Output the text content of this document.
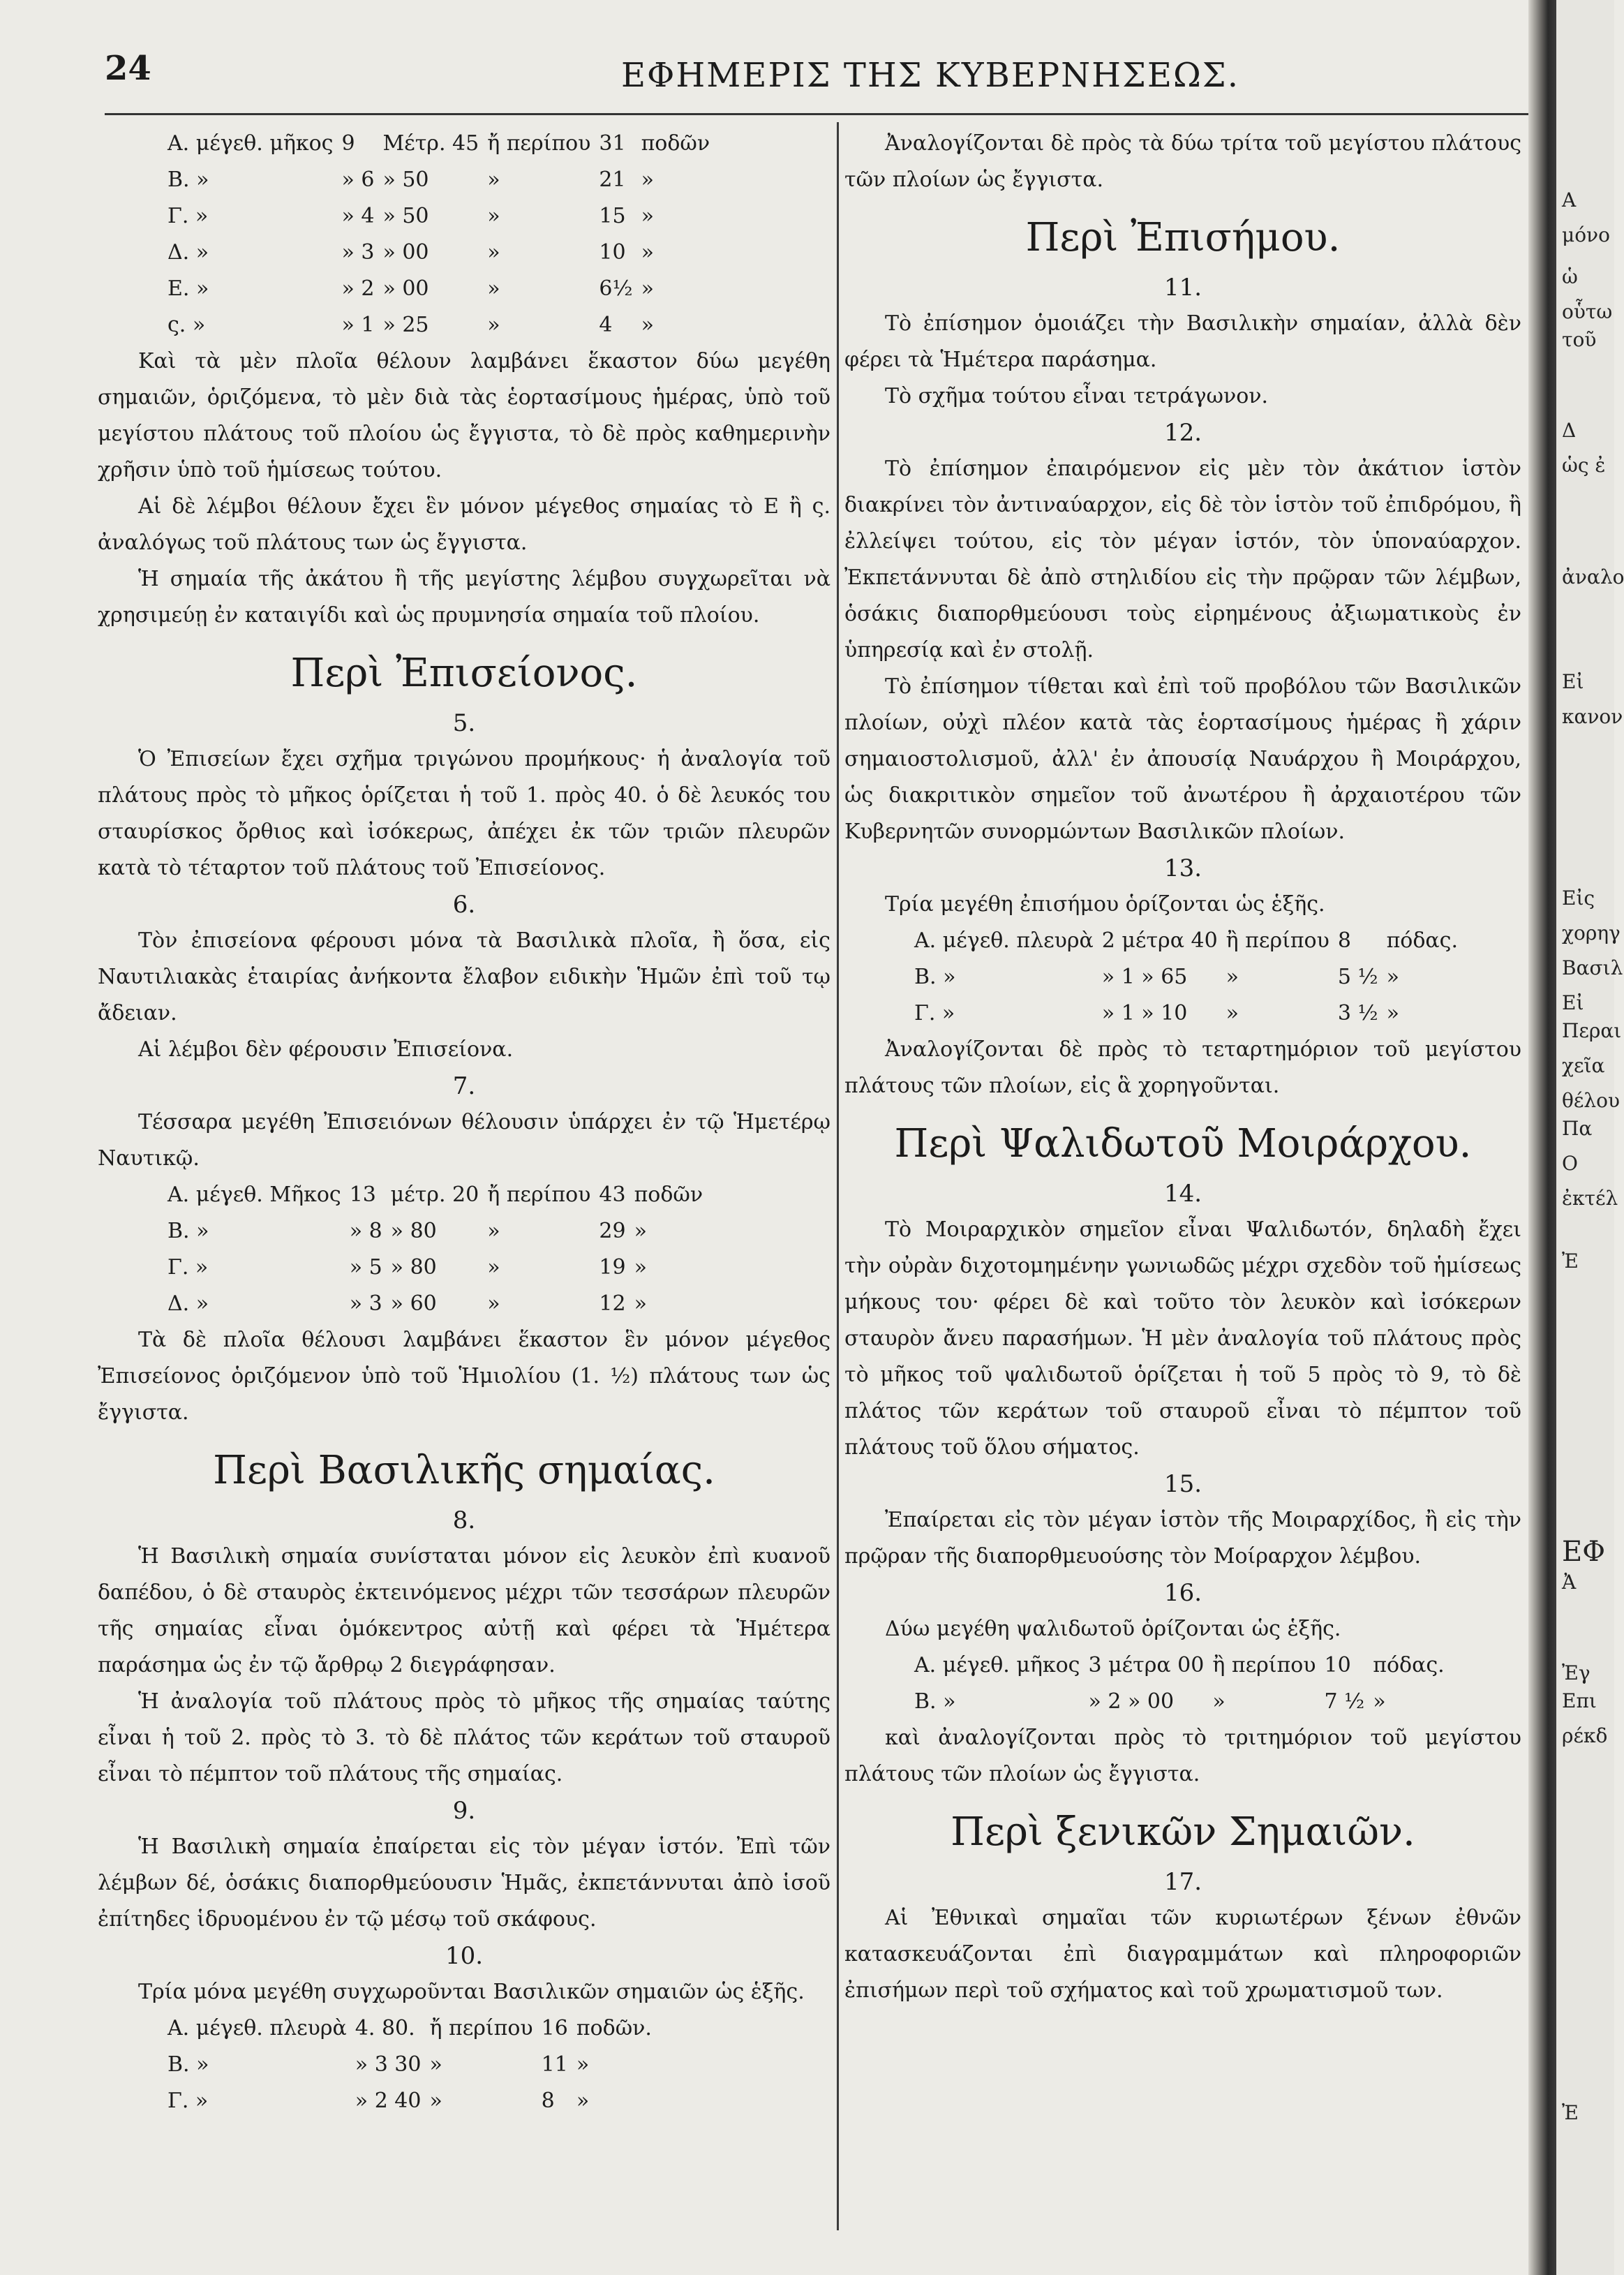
24	ΕΦΗΜΕΡΙΣ ΤΗΣ ΚΥΒΕΡΝΗΣΕΩΣ.
Α. μέγεθ. μῆκος	9	Μέτρ. 45	ἤ περίπου	31	ποδῶν
Β. »	» 6	» 50	»	21	»
Γ. »	» 4	» 50	»	15	»
Δ. »	» 3	» 00	»	10	»
Ε. »	» 2	» 00	»	6½	»
ς. »	» 1	» 25	»	4	»

Καὶ τὰ μὲν πλοῖα θέλουν λαμβάνει ἕκαστον δύω μεγέθη σημαιῶν, ὁριζόμενα, τὸ μὲν διὰ τὰς ἑορτασίμους ἡμέρας, ὑπὸ τοῦ μεγίστου πλάτους τοῦ πλοίου ὡς ἔγγιστα, τὸ δὲ πρὸς καθημερινὴν χρῆσιν ὑπὸ τοῦ ἡμίσεως τούτου.

Αἱ δὲ λέμβοι θέλουν ἔχει ἓν μόνον μέγεθος σημαίας τὸ Ε ἢ ς. ἀναλόγως τοῦ πλάτους των ὡς ἔγγιστα.

Ἡ σημαία τῆς ἀκάτου ἢ τῆς μεγίστης λέμβου συγχωρεῖται νὰ χρησιμεύῃ ἐν καταιγίδι καὶ ὡς πρυμνησία σημαία τοῦ πλοίου.

Περὶ Ἐπισείονος.
5.

Ὁ Ἐπισείων ἔχει σχῆμα τριγώνου προμήκους· ἡ ἀναλογία τοῦ πλάτους πρὸς τὸ μῆκος ὁρίζεται ἡ τοῦ 1. πρὸς 40. ὁ δὲ λευκός του σταυρίσκος ὄρθιος καὶ ἰσόκερως, ἀπέχει ἐκ τῶν τριῶν πλευρῶν κατὰ τὸ τέταρτον τοῦ πλάτους τοῦ Ἐπισείονος.

6.

Τὸν ἐπισείονα φέρουσι μόνα τὰ Βασιλικὰ πλοῖα, ἢ ὅσα, εἰς Ναυτιλιακὰς ἑταιρίας ἀνήκοντα ἔλαβον ειδικὴν Ἡμῶν ἐπὶ τοῦ τῳ ἄδειαν.

Αἱ λέμβοι δὲν φέρουσιν Ἐπισείονα.

7.

Τέσσαρα μεγέθη Ἐπισειόνων θέλουσιν ὑπάρχει ἐν τῷ Ἡμετέρῳ Ναυτικῷ.

Α. μέγεθ. Μῆκος	13	μέτρ. 20	ἤ περίπου	43	ποδῶν
Β. »	» 8	» 80	»	29	»
Γ. »	» 5	» 80	»	19	»
Δ. »	» 3	» 60	»	12	»

Τὰ δὲ πλοῖα θέλουσι λαμβάνει ἕκαστον ἓν μόνον μέγεθος Ἐπισείονος ὁριζόμενον ὑπὸ τοῦ Ἡμιολίου (1. ½) πλάτους των ὡς ἔγγιστα.

Περὶ Βασιλικῆς σημαίας.
8.

Ἡ Βασιλικὴ σημαία συνίσταται μόνον εἰς λευκὸν ἐπὶ κυανοῦ δαπέδου, ὁ δὲ σταυρὸς ἐκτεινόμενος μέχρι τῶν τεσσάρων πλευρῶν τῆς σημαίας εἶναι ὁμόκεντρος αὐτῇ καὶ φέρει τὰ Ἡμέτερα παράσημα ὡς ἐν τῷ ἄρθρῳ 2 διεγράφησαν.

Ἡ ἀναλογία τοῦ πλάτους πρὸς τὸ μῆκος τῆς σημαίας ταύτης εἶναι ἡ τοῦ 2. πρὸς τὸ 3. τὸ δὲ πλάτος τῶν κεράτων τοῦ σταυροῦ εἶναι τὸ πέμπτον τοῦ πλάτους τῆς σημαίας.

9.

Ἡ Βασιλικὴ σημαία ἐπαίρεται εἰς τὸν μέγαν ἱστόν. Ἐπὶ τῶν λέμβων δέ, ὁσάκις διαπορθμεύουσιν Ἡμᾶς, ἐκπετάννυται ἀπὸ ἱσοῦ ἐπίτηδες ἱδρυομένου ἐν τῷ μέσῳ τοῦ σκάφους.

10.

Τρία μόνα μεγέθη συγχωροῦνται Βασιλικῶν σημαιῶν ὡς ἑξῆς.

Α. μέγεθ. πλευρὰ	4. 80.	ἤ περίπου	16	ποδῶν.
Β. »	» 3 30	»	11	»
Γ. »	» 2 40	»	8	»

Ἀναλογίζονται δὲ πρὸς τὰ δύω τρίτα τοῦ μεγίστου πλάτους τῶν πλοίων ὡς ἔγγιστα.

Περὶ Ἐπισήμου.
11.

Τὸ ἐπίσημον ὁμοιάζει τὴν Βασιλικὴν σημαίαν, ἀλλὰ δὲν φέρει τὰ Ἡμέτερα παράσημα.

Τὸ σχῆμα τούτου εἶναι τετράγωνον.

12.

Τὸ ἐπίσημον ἐπαιρόμενον εἰς μὲν τὸν ἀκάτιον ἱστὸν διακρίνει τὸν ἀντιναύαρχον, εἰς δὲ τὸν ἱστὸν τοῦ ἐπιδρόμου, ἢ ἐλλείψει τούτου, εἰς τὸν μέγαν ἱστόν, τὸν ὑποναύαρχον. Ἐκπετάννυται δὲ ἀπὸ στηλιδίου εἰς τὴν πρῷραν τῶν λέμβων, ὁσάκις διαπορθμεύουσι τοὺς εἰρημένους ἀξιωματικοὺς ἐν ὑπηρεσίᾳ καὶ ἐν στολῇ.

Τὸ ἐπίσημον τίθεται καὶ ἐπὶ τοῦ προβόλου τῶν Βασιλικῶν πλοίων, οὐχὶ πλέον κατὰ τὰς ἑορτασίμους ἡμέρας ἢ χάριν σημαιοστολισμοῦ, ἀλλ' ἐν ἀπουσίᾳ Ναυάρχου ἢ Μοιράρχου, ὡς διακριτικὸν σημεῖον τοῦ ἀνωτέρου ἢ ἀρχαιοτέρου τῶν Κυβερνητῶν συνορμώντων Βασιλικῶν πλοίων.

13.

Τρία μεγέθη ἐπισήμου ὁρίζονται ὡς ἑξῆς.

Α. μέγεθ. πλευρὰ	2 μέτρα 40	ἢ περίπου	8	πόδας.
Β. »	» 1 » 65	»	5 ½	»
Γ. »	» 1 » 10	»	3 ½	»

Ἀναλογίζονται δὲ πρὸς τὸ τεταρτημόριον τοῦ μεγίστου πλάτους τῶν πλοίων, εἰς ἃ χορηγοῦνται.

Περὶ Ψαλιδωτοῦ Μοιράρχου.
14.

Τὸ Μοιραρχικὸν σημεῖον εἶναι Ψαλιδωτόν, δηλαδὴ ἔχει τὴν οὐρὰν διχοτομημένην γωνιωδῶς μέχρι σχεδὸν τοῦ ἡμίσεως μήκους του· φέρει δὲ καὶ τοῦτο τὸν λευκὸν καὶ ἰσόκερων σταυρὸν ἄνευ παρασήμων. Ἡ μὲν ἀναλογία τοῦ πλάτους πρὸς τὸ μῆκος τοῦ ψαλιδωτοῦ ὁρίζεται ἡ τοῦ 5 πρὸς τὸ 9, τὸ δὲ πλάτος τῶν κεράτων τοῦ σταυροῦ εἶναι τὸ πέμπτον τοῦ πλάτους τοῦ ὅλου σήματος.

15.

Ἐπαίρεται εἰς τὸν μέγαν ἱστὸν τῆς Μοιραρχίδος, ἢ εἰς τὴν πρῷραν τῆς διαπορθμευούσης τὸν Μοίραρχον λέμβου.

16.

Δύω μεγέθη ψαλιδωτοῦ ὁρίζονται ὡς ἑξῆς.

Α. μέγεθ. μῆκος	3 μέτρα 00	ἢ περίπου	10	πόδας.
Β. »	» 2 » 00	»	7 ½	»

καὶ ἀναλογίζονται πρὸς τὸ τριτημόριον τοῦ μεγίστου πλάτους τῶν πλοίων ὡς ἔγγιστα.

Περὶ ξενικῶν Σημαιῶν.
17.

Αἱ Ἐθνικαὶ σημαῖαι τῶν κυριωτέρων ξένων ἐθνῶν κατασκευάζονται ἐπὶ διαγραμμάτων καὶ πληροφοριῶν ἐπισήμων περὶ τοῦ σχήματος καὶ τοῦ χρωματισμοῦ των.

Α
μόνο
ὡ
οὗτω
τοῦ
Δ
ὡς ἐ
ἀναλο
Εἰ
κανον
Εἰς
χορηγ
Βασιλ
Εἰ
Περαι
χεῖα
θέλου
Πα
Ο
ἐκτέλ
Ἐ
ΕΦ
Ἀ
Ἐγ
Επι
ρέκδ
Ἐ
